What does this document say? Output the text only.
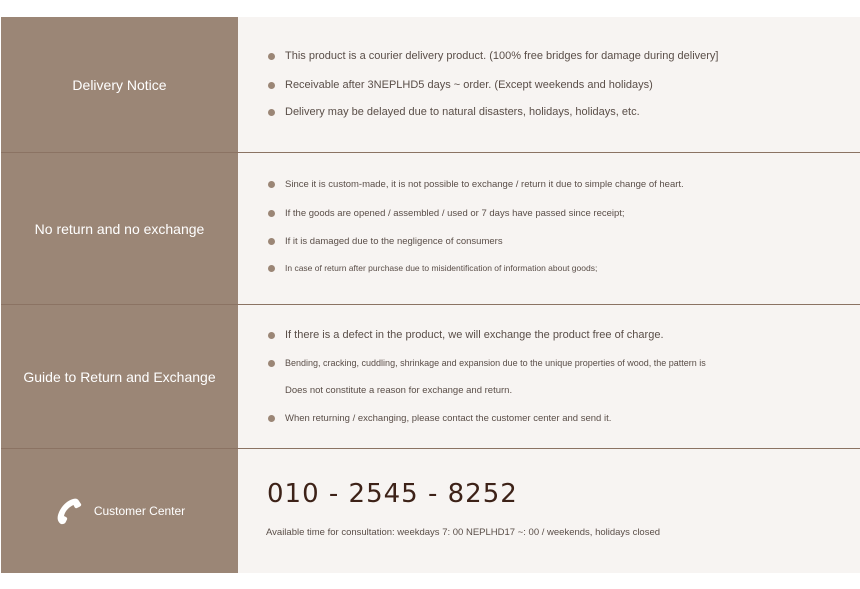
Delivery Notice
This product is a courier delivery product. (100% free bridges for damage during delivery]
Receivable after 3NEPLHD5 days ~ order. (Except weekends and holidays)
Delivery may be delayed due to natural disasters, holidays, holidays, etc.
No return and no exchange
Since it is custom-made, it is not possible to exchange / return it due to simple change of heart.
If the goods are opened / assembled / used or 7 days have passed since receipt;
If it is damaged due to the negligence of consumers
In case of return after purchase due to misidentification of information about goods;
Guide to Return and Exchange
If there is a defect in the product, we will exchange the product free of charge.
Bending, cracking, cuddling, shrinkage and expansion due to the unique properties of wood, the pattern is
Does not constitute a reason for exchange and return.
When returning / exchanging, please contact the customer center and send it.
Customer Center
010 - 2545 - 8252
Available time for consultation: weekdays 7: 00 NEPLHD17 ~: 00 / weekends, holidays closed
